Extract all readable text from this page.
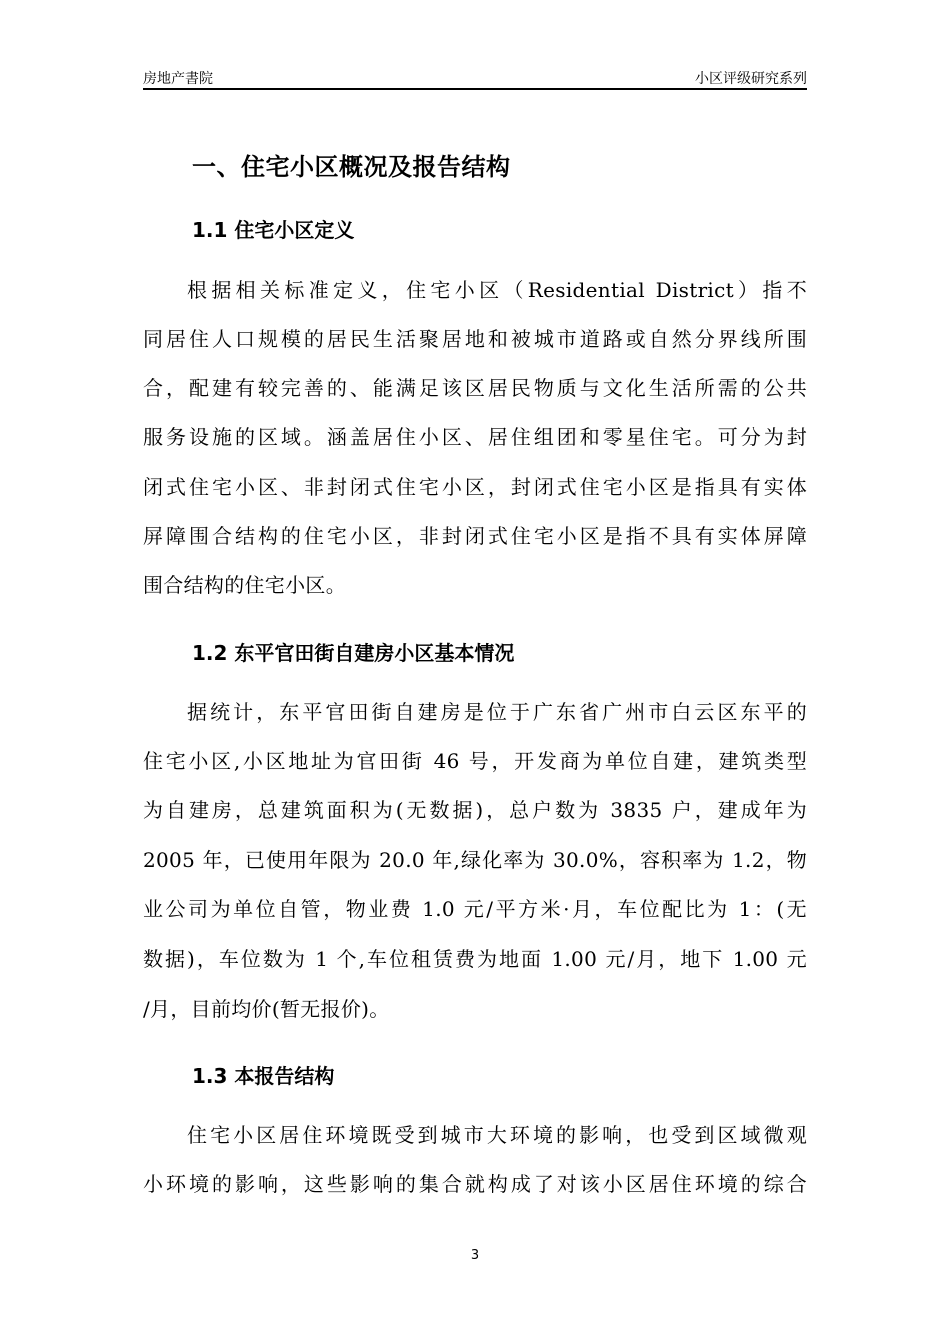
房地产書院	小区评级研究系列
一、住宅小区概况及报告结构
1.1 住宅小区定义
根据相关标准定义，住宅小区（Residential District）指不
同居住人口规模的居民生活聚居地和被城市道路或自然分界线所围
合，配建有较完善的、能满足该区居民物质与文化生活所需的公共
服务设施的区域。涵盖居住小区、居住组团和零星住宅。可分为封
闭式住宅小区、非封闭式住宅小区，封闭式住宅小区是指具有实体
屏障围合结构的住宅小区，非封闭式住宅小区是指不具有实体屏障
围合结构的住宅小区。
1.2 东平官田街自建房小区基本情况
据统计，东平官田街自建房是位于广东省广州市白云区东平的
住宅小区,小区地址为官田街 46 号，开发商为单位自建，建筑类型
为自建房，总建筑面积为(无数据)，总户数为 3835 户，建成年为
2005 年，已使用年限为 20.0 年,绿化率为 30.0%，容积率为 1.2，物
业公司为单位自管，物业费 1.0 元/平方米·月，车位配比为 1：(无
数据)，车位数为 1 个,车位租赁费为地面 1.00 元/月，地下 1.00 元
/月，目前均价(暂无报价)。
1.3 本报告结构
住宅小区居住环境既受到城市大环境的影响，也受到区域微观
小环境的影响，这些影响的集合就构成了对该小区居住环境的综合
3
